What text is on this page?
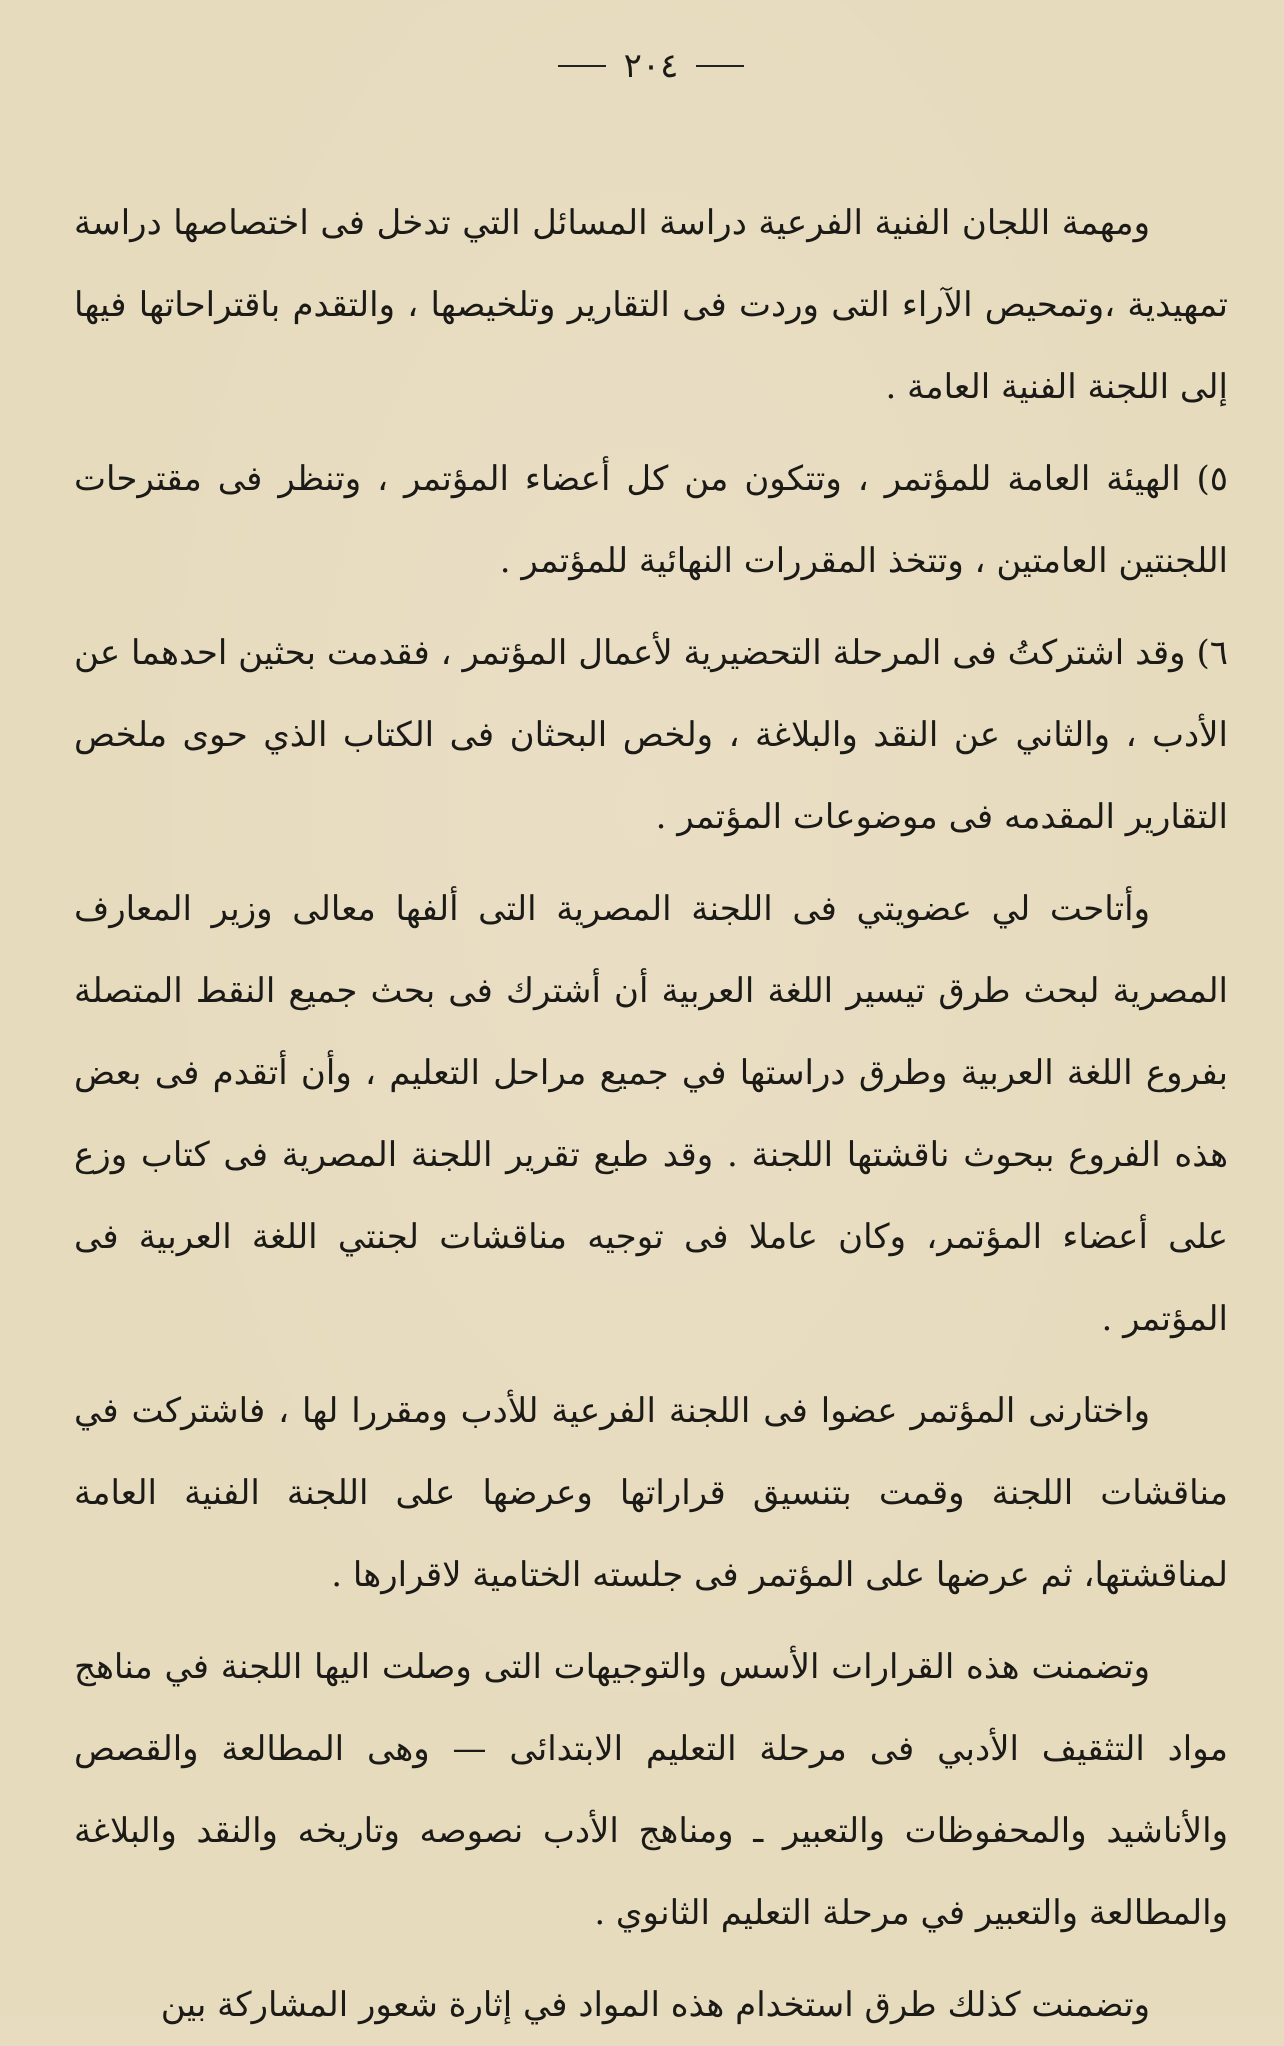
٢٠٤

ومهمة اللجان الفنية الفرعية دراسة المسائل التي تدخل فى اختصاصها دراسة تمهيدية ،وتمحيص الآراء التى وردت فى التقارير وتلخيصها ، والتقدم باقتراحاتها فيها إلى اللجنة الفنية العامة .

٥) الهيئة العامة للمؤتمر ، وتتكون من كل أعضاء المؤتمر ، وتنظر فى مقترحات اللجنتين العامتين ، وتتخذ المقررات النهائية للمؤتمر .

٦) وقد اشتركتُ فى المرحلة التحضيرية لأعمال المؤتمر ، فقدمت بحثين احدهما عن الأدب ، والثاني عن النقد والبلاغة ، ولخص البحثان فى الكتاب الذي حوى ملخص التقارير المقدمه فى موضوعات المؤتمر .

وأتاحت لي عضويتي فى اللجنة المصرية التى ألفها معالى وزير المعارف المصرية لبحث طرق تيسير اللغة العربية أن أشترك فى بحث جميع النقط المتصلة بفروع اللغة العربية وطرق دراستها في جميع مراحل التعليم ، وأن أتقدم فى بعض هذه الفروع ببحوث ناقشتها اللجنة . وقد طبع تقرير اللجنة المصرية فى كتاب وزع على أعضاء المؤتمر، وكان عاملا فى توجيه مناقشات لجنتي اللغة العربية فى المؤتمر .

واختارنى المؤتمر عضوا فى اللجنة الفرعية للأدب ومقررا لها ، فاشتركت في مناقشات اللجنة وقمت بتنسيق قراراتها وعرضها على اللجنة الفنية العامة لمناقشتها، ثم عرضها على المؤتمر فى جلسته الختامية لاقرارها .

وتضمنت هذه القرارات الأسس والتوجيهات التى وصلت اليها اللجنة في مناهج مواد التثقيف الأدبي فى مرحلة التعليم الابتدائى — وهى المطالعة والقصص والأناشيد والمحفوظات والتعبير ـ ومناهج الأدب نصوصه وتاريخه والنقد والبلاغة والمطالعة والتعبير في مرحلة التعليم الثانوي .

وتضمنت كذلك طرق استخدام هذه المواد في إثارة شعور المشاركة بين
